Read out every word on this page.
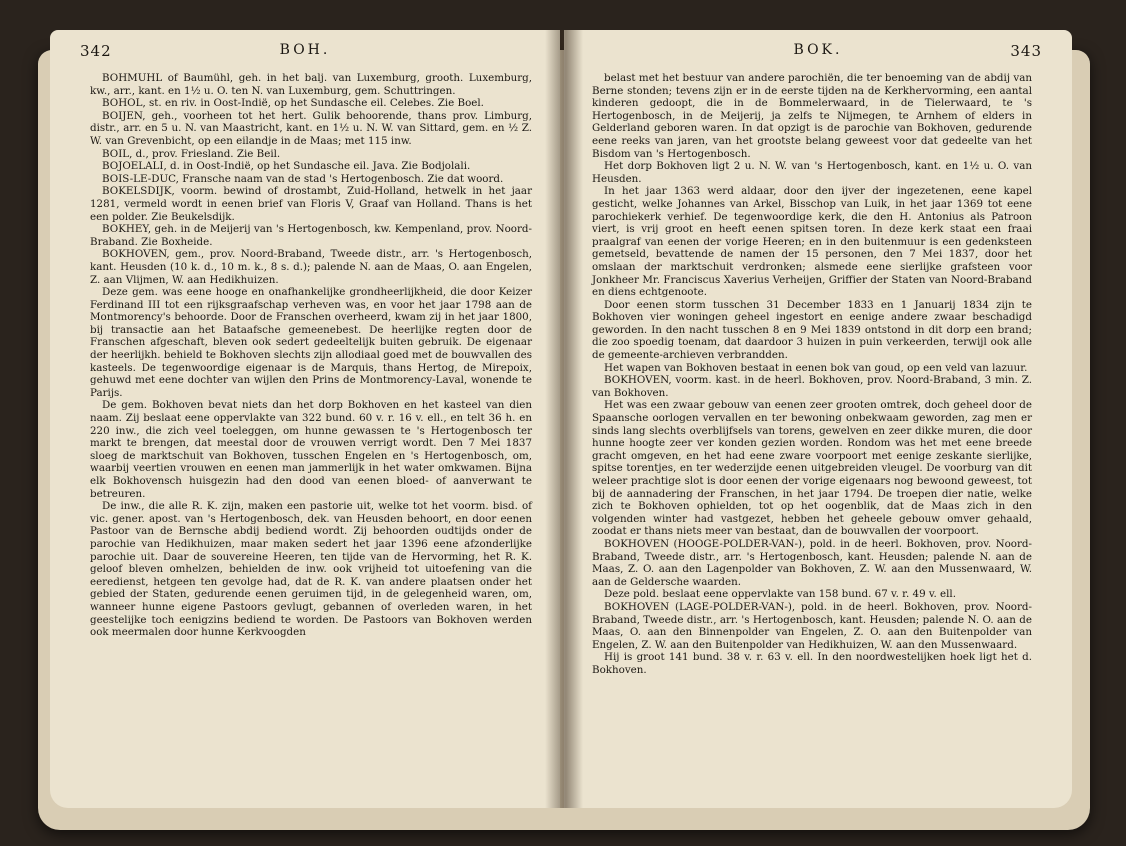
342	BOH.

BOHMUHL of Baumühl, geh. in het balj. van Luxemburg, grooth. Luxemburg, kw., arr., kant. en 1½ u. O. ten N. van Luxemburg, gem. Schuttringen.

BOHOL, st. en riv. in Oost-Indië, op het Sundasche eil. Celebes. Zie Boel.

BOIJEN, geh., voorheen tot het hert. Gulik behoorende, thans prov. Limburg, distr., arr. en 5 u. N. van Maastricht, kant. en 1½ u. N. W. van Sittard, gem. en ½ Z. W. van Grevenbicht, op een eilandje in de Maas; met 115 inw.

BOIL, d., prov. Friesland. Zie Beil.

BOJOELALI, d. in Oost-Indië, op het Sundasche eil. Java. Zie Bodjolali.

BOIS-LE-DUC, Fransche naam van de stad 's Hertogenbosch. Zie dat woord.

BOKELSDIJK, voorm. bewind of drostambt, Zuid-Holland, hetwelk in het jaar 1281, vermeld wordt in eenen brief van Floris V, Graaf van Holland. Thans is het een polder. Zie Beukelsdijk.

BOKHEY, geh. in de Meijerij van 's Hertogenbosch, kw. Kempenland, prov. Noord-Braband. Zie Boxheide.

BOKHOVEN, gem., prov. Noord-Braband, Tweede distr., arr. 's Hertogenbosch, kant. Heusden (10 k. d., 10 m. k., 8 s. d.); palende N. aan de Maas, O. aan Engelen, Z. aan Vlijmen, W. aan Hedikhuizen.

Deze gem. was eene hooge en onafhankelijke grondheerlijkheid, die door Keizer Ferdinand III tot een rijksgraafschap verheven was, en voor het jaar 1798 aan de Montmorency's behoorde. Door de Franschen overheerd, kwam zij in het jaar 1800, bij transactie aan het Bataafsche gemeenebest. De heerlijke regten door de Franschen afgeschaft, bleven ook sedert gedeeltelijk buiten gebruik. De eigenaar der heerlijkh. behield te Bokhoven slechts zijn allodiaal goed met de bouwvallen des kasteels. De tegenwoordige eigenaar is de Marquis, thans Hertog, de Mirepoix, gehuwd met eene dochter van wijlen den Prins de Montmorency-Laval, wonende te Parijs.

De gem. Bokhoven bevat niets dan het dorp Bokhoven en het kasteel van dien naam. Zij beslaat eene oppervlakte van 322 bund. 60 v. r. 16 v. ell., en telt 36 h. en 220 inw., die zich veel toeleggen, om hunne gewassen te 's Hertogenbosch ter markt te brengen, dat meestal door de vrouwen verrigt wordt. Den 7 Mei 1837 sloeg de marktschuit van Bokhoven, tusschen Engelen en 's Hertogenbosch, om, waarbij veertien vrouwen en eenen man jammerlijk in het water omkwamen. Bijna elk Bokhovensch huisgezin had den dood van eenen bloed- of aanverwant te betreuren.

De inw., die alle R. K. zijn, maken een pastorie uit, welke tot het voorm. bisd. of vic. gener. apost. van 's Hertogenbosch, dek. van Heusden behoort, en door eenen Pastoor van de Bernsche abdij bediend wordt. Zij behoorden oudtijds onder de parochie van Hedikhuizen, maar maken sedert het jaar 1396 eene afzonderlijke parochie uit. Daar de souvereine Heeren, ten tijde van de Hervorming, het R. K. geloof bleven omhelzen, behielden de inw. ook vrijheid tot uitoefening van die eeredienst, hetgeen ten gevolge had, dat de R. K. van andere plaatsen onder het gebied der Staten, gedurende eenen geruimen tijd, in de gelegenheid waren, om, wanneer hunne eigene Pastoors gevlugt, gebannen of overleden waren, in het geestelijke toch eenigzins bediend te worden. De Pastoors van Bokhoven werden ook meermalen door hunne Kerkvoogden

BOK.	343

belast met het bestuur van andere parochiën, die ter benoeming van de abdij van Berne stonden; tevens zijn er in de eerste tijden na de Kerkhervorming, een aantal kinderen gedoopt, die in de Bommelerwaard, in de Tielerwaard, te 's Hertogenbosch, in de Meijerij, ja zelfs te Nijmegen, te Arnhem of elders in Gelderland geboren waren. In dat opzigt is de parochie van Bokhoven, gedurende eene reeks van jaren, van het grootste belang geweest voor dat gedeelte van het Bisdom van 's Hertogenbosch.

Het dorp Bokhoven ligt 2 u. N. W. van 's Hertogenbosch, kant. en 1½ u. O. van Heusden.

In het jaar 1363 werd aldaar, door den ijver der ingezetenen, eene kapel gesticht, welke Johannes van Arkel, Bisschop van Luik, in het jaar 1369 tot eene parochiekerk verhief. De tegenwoordige kerk, die den H. Antonius als Patroon viert, is vrij groot en heeft eenen spitsen toren. In deze kerk staat een fraai praalgraf van eenen der vorige Heeren; en in den buitenmuur is een gedenksteen gemetseld, bevattende de namen der 15 personen, den 7 Mei 1837, door het omslaan der marktschuit verdronken; alsmede eene sierlijke grafsteen voor Jonkheer Mr. Franciscus Xaverius Verheijen, Griffier der Staten van Noord-Braband en diens echtgenoote.

Door eenen storm tusschen 31 December 1833 en 1 Januarij 1834 zijn te Bokhoven vier woningen geheel ingestort en eenige andere zwaar beschadigd geworden. In den nacht tusschen 8 en 9 Mei 1839 ontstond in dit dorp een brand; die zoo spoedig toenam, dat daardoor 3 huizen in puin verkeerden, terwijl ook alle de gemeente-archieven verbrandden.

Het wapen van Bokhoven bestaat in eenen bok van goud, op een veld van lazuur.

BOKHOVEN, voorm. kast. in de heerl. Bokhoven, prov. Noord-Braband, 3 min. Z. van Bokhoven.

Het was een zwaar gebouw van eenen zeer grooten omtrek, doch geheel door de Spaansche oorlogen vervallen en ter bewoning onbekwaam geworden, zag men er sinds lang slechts overblijfsels van torens, gewelven en zeer dikke muren, die door hunne hoogte zeer ver konden gezien worden. Rondom was het met eene breede gracht omgeven, en het had eene zware voorpoort met eenige zeskante sierlijke, spitse torentjes, en ter wederzijde eenen uitgebreiden vleugel. De voorburg van dit weleer prachtige slot is door eenen der vorige eigenaars nog bewoond geweest, tot bij de aannadering der Franschen, in het jaar 1794. De troepen dier natie, welke zich te Bokhoven ophielden, tot op het oogenblik, dat de Maas zich in den volgenden winter had vastgezet, hebben het geheele gebouw omver gehaald, zoodat er thans niets meer van bestaat, dan de bouwvallen der voorpoort.

BOKHOVEN (HOOGE-POLDER-VAN-), pold. in de heerl. Bokhoven, prov. Noord-Braband, Tweede distr., arr. 's Hertogenbosch, kant. Heusden; palende N. aan de Maas, Z. O. aan den Lagenpolder van Bokhoven, Z. W. aan den Mussenwaard, W. aan de Geldersche waarden.

Deze pold. beslaat eene oppervlakte van 158 bund. 67 v. r. 49 v. ell.

BOKHOVEN (LAGE-POLDER-VAN-), pold. in de heerl. Bokhoven, prov. Noord-Braband, Tweede distr., arr. 's Hertogenbosch, kant. Heusden; palende N. O. aan de Maas, O. aan den Binnenpolder van Engelen, Z. O. aan den Buitenpolder van Engelen, Z. W. aan den Buitenpolder van Hedikhuizen, W. aan den Mussenwaard.

Hij is groot 141 bund. 38 v. r. 63 v. ell. In den noordwestelijken hoek ligt het d. Bokhoven.
